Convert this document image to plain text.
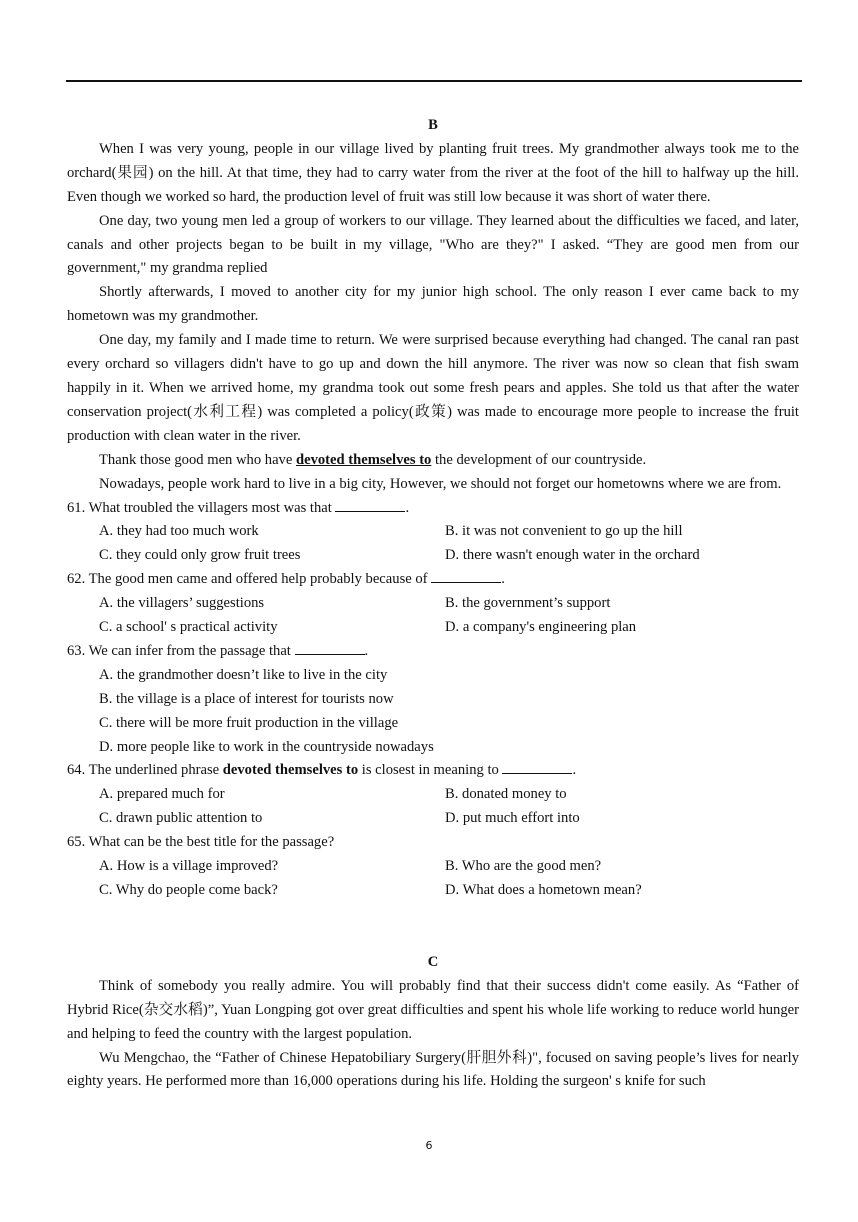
B

When I was very young, people in our village lived by planting fruit trees. My grandmother always took me to the orchard(果园) on the hill. At that time, they had to carry water from the river at the foot of the hill to halfway up the hill. Even though we worked so hard, the production level of fruit was still low because it was short of water there.

One day, two young men led a group of workers to our village. They learned about the difficulties we faced, and later, canals and other projects began to be built in my village, "Who are they?" I asked. “They are good men from our government," my grandma replied

Shortly afterwards, I moved to another city for my junior high school. The only reason I ever came back to my hometown was my grandmother.

One day, my family and I made time to return. We were surprised because everything had changed. The canal ran past every orchard so villagers didn't have to go up and down the hill anymore. The river was now so clean that fish swam happily in it. When we arrived home, my grandma took out some fresh pears and apples. She told us that after the water conservation project(水利工程) was completed a policy(政策) was made to encourage more people to increase the fruit production with clean water in the river.

Thank those good men who have devoted themselves to the development of our countryside.

Nowadays, people work hard to live in a big city, However, we should not forget our hometowns where we are from.

61. What troubled the villagers most was that	.

A. they had too much work	B. it was not convenient to go up the hill
C. they could only grow fruit trees	D. there wasn't enough water in the orchard

62. The good men came and offered help probably because of	.

A. the villagers’ suggestions	B. the government’s support
C. a school' s practical activity	D. a company's engineering plan

63. We can infer from the passage that	.

A. the grandmother doesn’t like to live in the city

B. the village is a place of interest for tourists now

C. there will be more fruit production in the village

D. more people like to work in the countryside nowadays

64. The underlined phrase devoted themselves to is closest in meaning to	.

A. prepared much for	B. donated money to
C. drawn public attention to	D. put much effort into

65. What can be the best title for the passage?

A. How is a village improved?	B. Who are the good men?
C. Why do people come back?	D. What does a hometown mean?

C

Think of somebody you really admire. You will probably find that their success didn't come easily. As “Father of Hybrid Rice(杂交水稻)”, Yuan Longping got over great difficulties and spent his whole life working to reduce world hunger and helping to feed the country with the largest population.

Wu Mengchao, the “Father of Chinese Hepatobiliary Surgery(肝胆外科)", focused on saving people’s lives for nearly eighty years. He performed more than 16,000 operations during his life. Holding the surgeon' s knife for such

6
